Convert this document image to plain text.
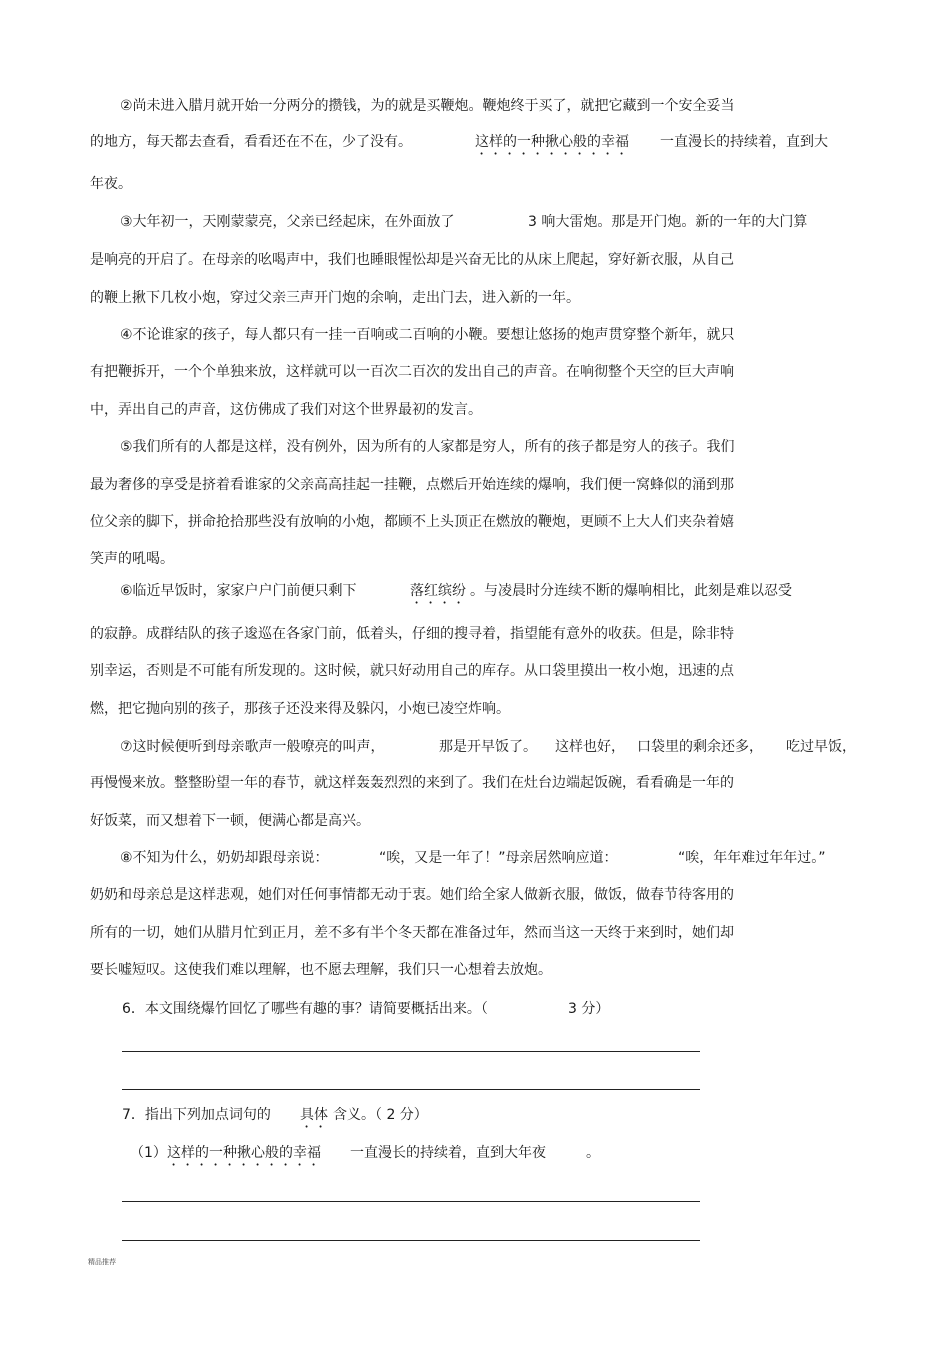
②尚未进入腊月就开始一分两分的攒钱，为的就是买鞭炮。鞭炮终于买了，就把它藏到一个安全妥当
的地方，每天都去查看，看看还在不在，少了没有。	这样的一种揪心般的幸福 一直漫长的持续着，直到大
年夜。
③大年初一，天刚蒙蒙亮，父亲已经起床，在外面放了	3 响大雷炮。那是开门炮。新的一年的大门算
是响亮的开启了。在母亲的吆喝声中，我们也睡眼惺忪却是兴奋无比的从床上爬起，穿好新衣服，从自己
的鞭上揪下几枚小炮，穿过父亲三声开门炮的余响，走出门去，进入新的一年。
④不论谁家的孩子，每人都只有一挂一百响或二百响的小鞭。要想让悠扬的炮声贯穿整个新年，就只
有把鞭拆开，一个个单独来放，这样就可以一百次二百次的发出自己的声音。在响彻整个天空的巨大声响
中，弄出自己的声音，这仿佛成了我们对这个世界最初的发言。
⑤我们所有的人都是这样，没有例外，因为所有的人家都是穷人，所有的孩子都是穷人的孩子。我们
最为奢侈的享受是挤着看谁家的父亲高高挂起一挂鞭，点燃后开始连续的爆响，我们便一窝蜂似的涌到那
位父亲的脚下，拼命抢拾那些没有放响的小炮，都顾不上头顶正在燃放的鞭炮，更顾不上大人们夹杂着嬉
笑声的吼喝。
⑥临近早饭时，家家户户门前便只剩下	落红缤纷 。与凌晨时分连续不断的爆响相比，此刻是难以忍受
的寂静。成群结队的孩子逡巡在各家门前，低着头，仔细的搜寻着，指望能有意外的收获。但是，除非特
别幸运，否则是不可能有所发现的。这时候，就只好动用自己的库存。从口袋里摸出一枚小炮，迅速的点
燃，把它抛向别的孩子，那孩子还没来得及躲闪，小炮已凌空炸响。
⑦这时候便听到母亲歌声一般嘹亮的叫声，	那是开早饭了。 这样也好， 口袋里的剩余还多， 吃过早饭，
再慢慢来放。整整盼望一年的春节，就这样轰轰烈烈的来到了。我们在灶台边端起饭碗，看看确是一年的
好饭菜，而又想着下一顿，便满心都是高兴。
⑧不知为什么，奶奶却跟母亲说：	“唉，又是一年了！”母亲居然响应道：	“唉，年年难过年年过。”
奶奶和母亲总是这样悲观，她们对任何事情都无动于衷。她们给全家人做新衣服，做饭，做春节待客用的
所有的一切，她们从腊月忙到正月，差不多有半个冬天都在准备过年，然而当这一天终于来到时，她们却
要长嘘短叹。这使我们难以理解，也不愿去理解，我们只一心想着去放炮。
6．本文围绕爆竹回忆了哪些有趣的事？请简要概括出来。（	3 分）
7．指出下列加点词句的 具体 含义。（ 2 分）
（1） 这样的一种揪心般的幸福 一直漫长的持续着，直到大年夜	。
精品推荐
